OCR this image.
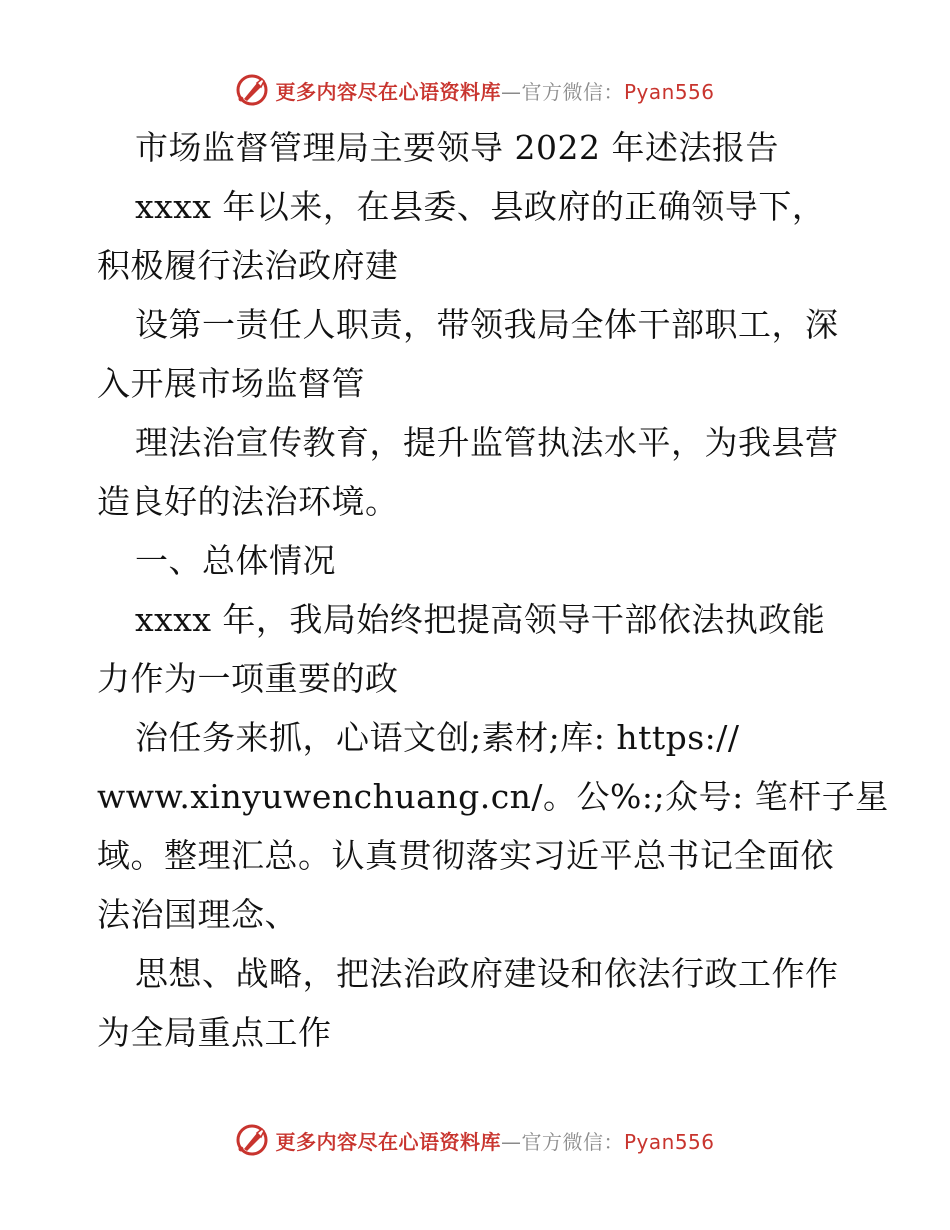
更多内容尽在心语资料库—官方微信：Pyan556
市场监督管理局主要领导 2022 年述法报告
xxxx 年以来，在县委、县政府的正确领导下，
积极履行法治政府建
设第一责任人职责，带领我局全体干部职工，深
入开展市场监督管
理法治宣传教育，提升监管执法水平，为我县营
造良好的法治环境。
一、总体情况
xxxx 年，我局始终把提高领导干部依法执政能
力作为一项重要的政
治任务来抓，心语文创;素材;库: https://
www.xinyuwenchuang.cn/。公%:;众号: 笔杆子星
域。整理汇总。认真贯彻落实习近平总书记全面依
法治国理念、
思想、战略，把法治政府建设和依法行政工作作
为全局重点工作
更多内容尽在心语资料库—官方微信：Pyan556
